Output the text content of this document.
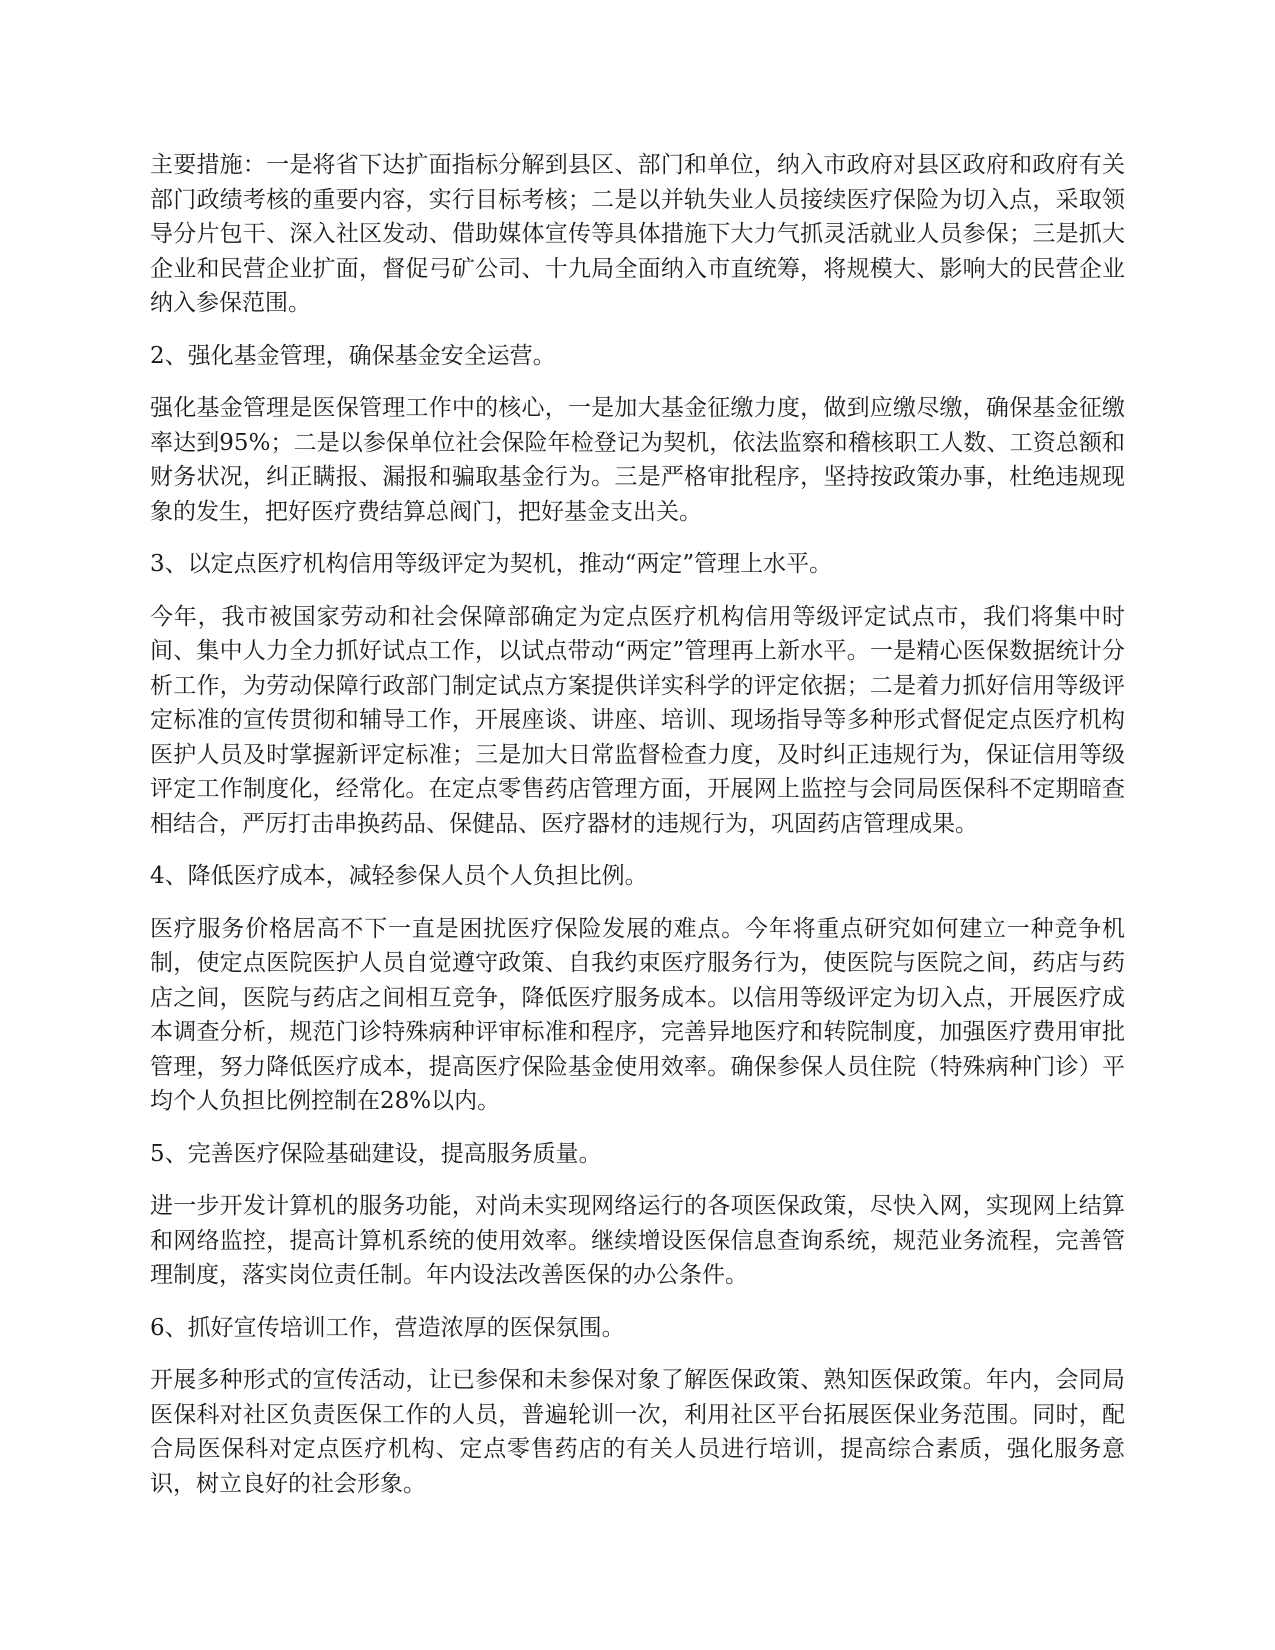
主要措施：一是将省下达扩面指标分解到县区、部门和单位，纳入市政府对县区政府和政府有关部门政绩考核的重要内容，实行目标考核；二是以并轨失业人员接续医疗保险为切入点，采取领导分片包干、深入社区发动、借助媒体宣传等具体措施下大力气抓灵活就业人员参保；三是抓大企业和民营企业扩面，督促弓矿公司、十九局全面纳入市直统筹，将规模大、影响大的民营企业纳入参保范围。

2、强化基金管理，确保基金安全运营。

强化基金管理是医保管理工作中的核心，一是加大基金征缴力度，做到应缴尽缴，确保基金征缴率达到95%；二是以参保单位社会保险年检登记为契机，依法监察和稽核职工人数、工资总额和财务状况，纠正瞒报、漏报和骗取基金行为。三是严格审批程序，坚持按政策办事，杜绝违规现象的发生，把好医疗费结算总阀门，把好基金支出关。

3、以定点医疗机构信用等级评定为契机，推动“两定”管理上水平。

今年，我市被国家劳动和社会保障部确定为定点医疗机构信用等级评定试点市，我们将集中时间、集中人力全力抓好试点工作，以试点带动“两定”管理再上新水平。一是精心医保数据统计分析工作，为劳动保障行政部门制定试点方案提供详实科学的评定依据；二是着力抓好信用等级评定标准的宣传贯彻和辅导工作，开展座谈、讲座、培训、现场指导等多种形式督促定点医疗机构医护人员及时掌握新评定标准；三是加大日常监督检查力度，及时纠正违规行为，保证信用等级评定工作制度化，经常化。在定点零售药店管理方面，开展网上监控与会同局医保科不定期暗查相结合，严厉打击串换药品、保健品、医疗器材的违规行为，巩固药店管理成果。

4、降低医疗成本，减轻参保人员个人负担比例。

医疗服务价格居高不下一直是困扰医疗保险发展的难点。今年将重点研究如何建立一种竞争机制，使定点医院医护人员自觉遵守政策、自我约束医疗服务行为，使医院与医院之间，药店与药店之间，医院与药店之间相互竞争，降低医疗服务成本。以信用等级评定为切入点，开展医疗成本调查分析，规范门诊特殊病种评审标准和程序，完善异地医疗和转院制度，加强医疗费用审批管理，努力降低医疗成本，提高医疗保险基金使用效率。确保参保人员住院（特殊病种门诊）平均个人负担比例控制在28%以内。

5、完善医疗保险基础建设，提高服务质量。

进一步开发计算机的服务功能，对尚未实现网络运行的各项医保政策，尽快入网，实现网上结算和网络监控，提高计算机系统的使用效率。继续增设医保信息查询系统，规范业务流程，完善管理制度，落实岗位责任制。年内设法改善医保的办公条件。

6、抓好宣传培训工作，营造浓厚的医保氛围。

开展多种形式的宣传活动，让已参保和未参保对象了解医保政策、熟知医保政策。年内，会同局医保科对社区负责医保工作的人员，普遍轮训一次，利用社区平台拓展医保业务范围。同时，配合局医保科对定点医疗机构、定点零售药店的有关人员进行培训，提高综合素质，强化服务意识，树立良好的社会形象。
